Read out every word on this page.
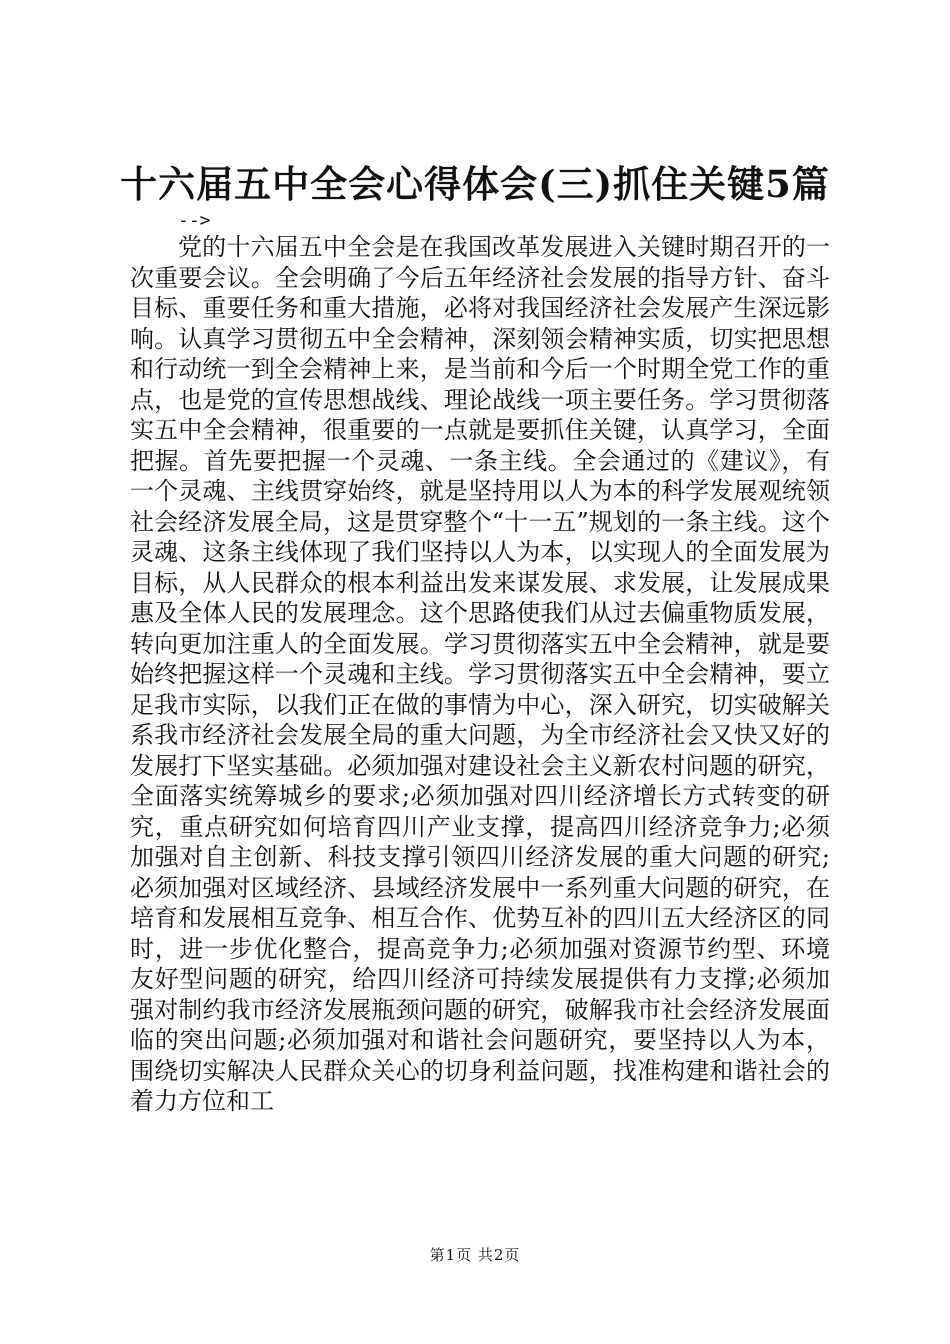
十六届五中全会心得体会(三)抓住关键5篇

-->

党的十六届五中全会是在我国改革发展进入关键时期召开的一次重要会议。全会明确了今后五年经济社会发展的指导方针、奋斗目标、重要任务和重大措施，必将对我国经济社会发展产生深远影响。认真学习贯彻五中全会精神，深刻领会精神实质，切实把思想和行动统一到全会精神上来，是当前和今后一个时期全党工作的重点，也是党的宣传思想战线、理论战线一项主要任务。学习贯彻落实五中全会精神，很重要的一点就是要抓住关键，认真学习，全面把握。首先要把握一个灵魂、一条主线。全会通过的《建议》，有一个灵魂、主线贯穿始终，就是坚持用以人为本的科学发展观统领社会经济发展全局，这是贯穿整个“十一五”规划的一条主线。这个灵魂、这条主线体现了我们坚持以人为本，以实现人的全面发展为目标，从人民群众的根本利益出发来谋发展、求发展，让发展成果惠及全体人民的发展理念。这个思路使我们从过去偏重物质发展，转向更加注重人的全面发展。学习贯彻落实五中全会精神，就是要始终把握这样一个灵魂和主线。学习贯彻落实五中全会精神，要立足我市实际，以我们正在做的事情为中心，深入研究，切实破解关系我市经济社会发展全局的重大问题，为全市经济社会又快又好的发展打下坚实基础。必须加强对建设社会主义新农村问题的研究，全面落实统筹城乡的要求;必须加强对四川经济增长方式转变的研究，重点研究如何培育四川产业支撑，提高四川经济竞争力;必须加强对自主创新、科技支撑引领四川经济发展的重大问题的研究;必须加强对区域经济、县域经济发展中一系列重大问题的研究，在培育和发展相互竞争、相互合作、优势互补的四川五大经济区的同时，进一步优化整合，提高竞争力;必须加强对资源节约型、环境友好型问题的研究，给四川经济可持续发展提供有力支撑;必须加强对制约我市经济发展瓶颈问题的研究，破解我市社会经济发展面临的突出问题;必须加强对和谐社会问题研究，要坚持以人为本，围绕切实解决人民群众关心的切身利益问题，找准构建和谐社会的着力方位和工

第1页 共2页
